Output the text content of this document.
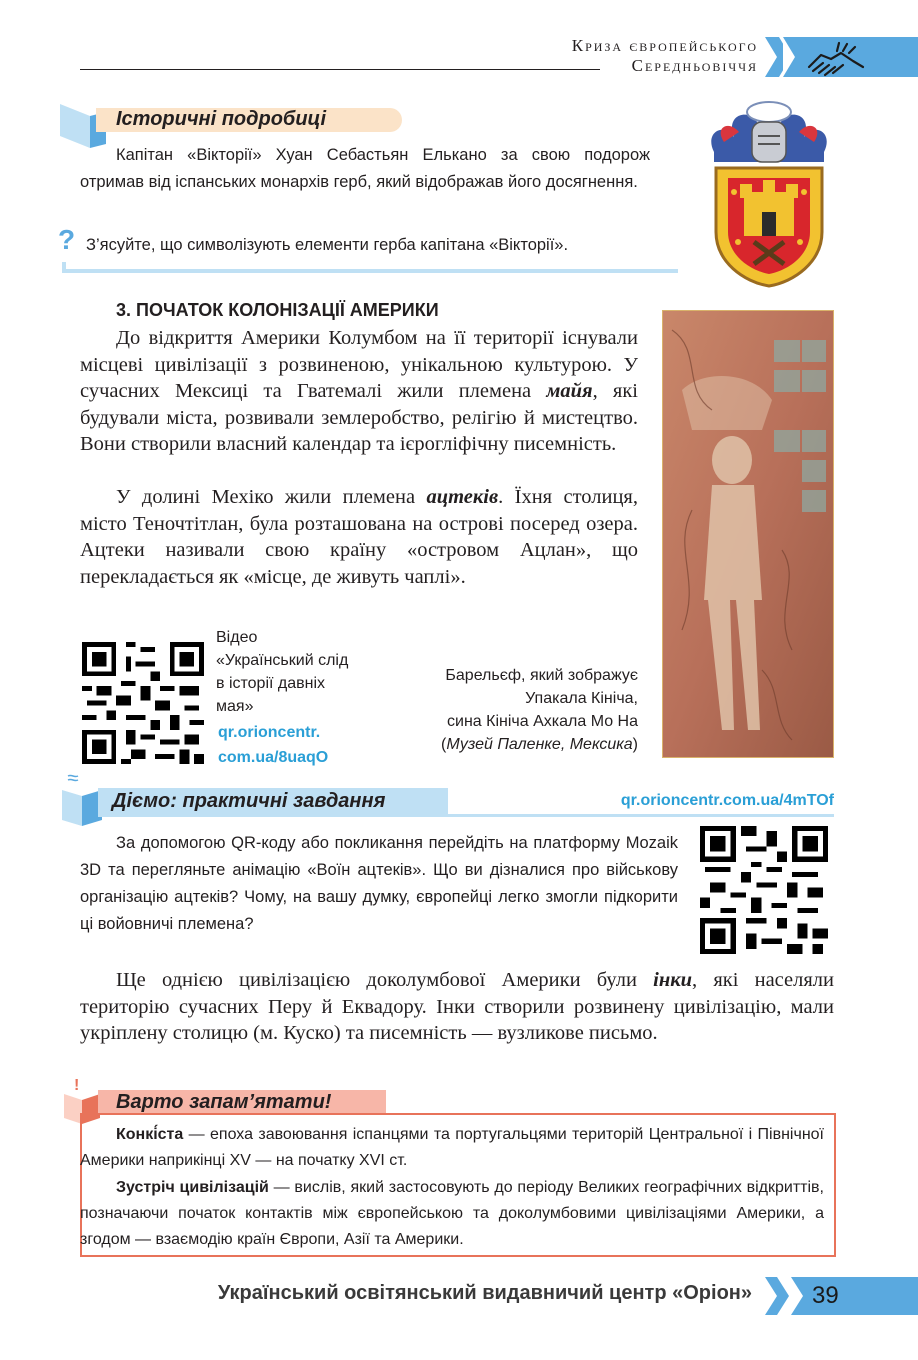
Криза європейського
Середньовіччя
Історичні подробиці
Капітан «Вікторії» Хуан Себастьян Елькано за свою подорож отримав від іспанських монархів герб, який відображав його досягнення.
? З’ясуйте, що символізують елементи герба капітана «Вікторії».
3. ПОЧАТОК КОЛОНІЗАЦІЇ АМЕРИКИ
До відкриття Америки Колумбом на її території існували місцеві цивілізації з розвиненою, унікальною культурою. У сучасних Мексиці та Гватемалі жили племена майя, які будували міста, розвивали землеробство, релігію й мистецтво. Вони створили власний календар та ієрогліфічну писемність.
У долині Мехіко жили племена ацтеків. Їхня столиця, місто Теночтітлан, була розташована на острові посеред озера. Ацтеки називали свою країну «островом Ацлан», що перекладається як «місце, де живуть чаплі».
Відео
«Український слід
в історії давніх
мая»
qr.orioncentr.
com.ua/8uaqO
Барельєф, який зображує
Упакала Кініча,
сина Кініча Ахкала Мо На
(Музей Паленке, Мексика)
Діємо: практичні завдання	qr.orioncentr.com.ua/4mTOf
За допомогою QR-коду або покликання перейдіть на платформу Mozaik 3D та перегляньте анімацію «Воїн ацтеків». Що ви дізналися про військову організацію ацтеків? Чому, на вашу думку, європейці легко змогли підкорити ці войовничі племена?
Ще однією цивілізацією доколумбової Америки були інки, які населяли територію сучасних Перу й Еквадору. Інки створили розвинену цивілізацію, мали укріплену столицю (м. Куско) та писемність — вузликове письмо.
!
Варто запам’ятати!
Конкі́ста — епоха завоювання іспанцями та португальцями територій Центральної і Північної Америки наприкінці XV — на початку XVI ст.
Зустріч цивілізацій — вислів, який застосовують до періоду Великих географічних відкриттів, позначаючи початок контактів між європейською та доколумбовими цивілізаціями Америки, а згодом — взаємодію країн Європи, Азії та Америки.
Український освітянський видавничий центр «Оріон»	39
